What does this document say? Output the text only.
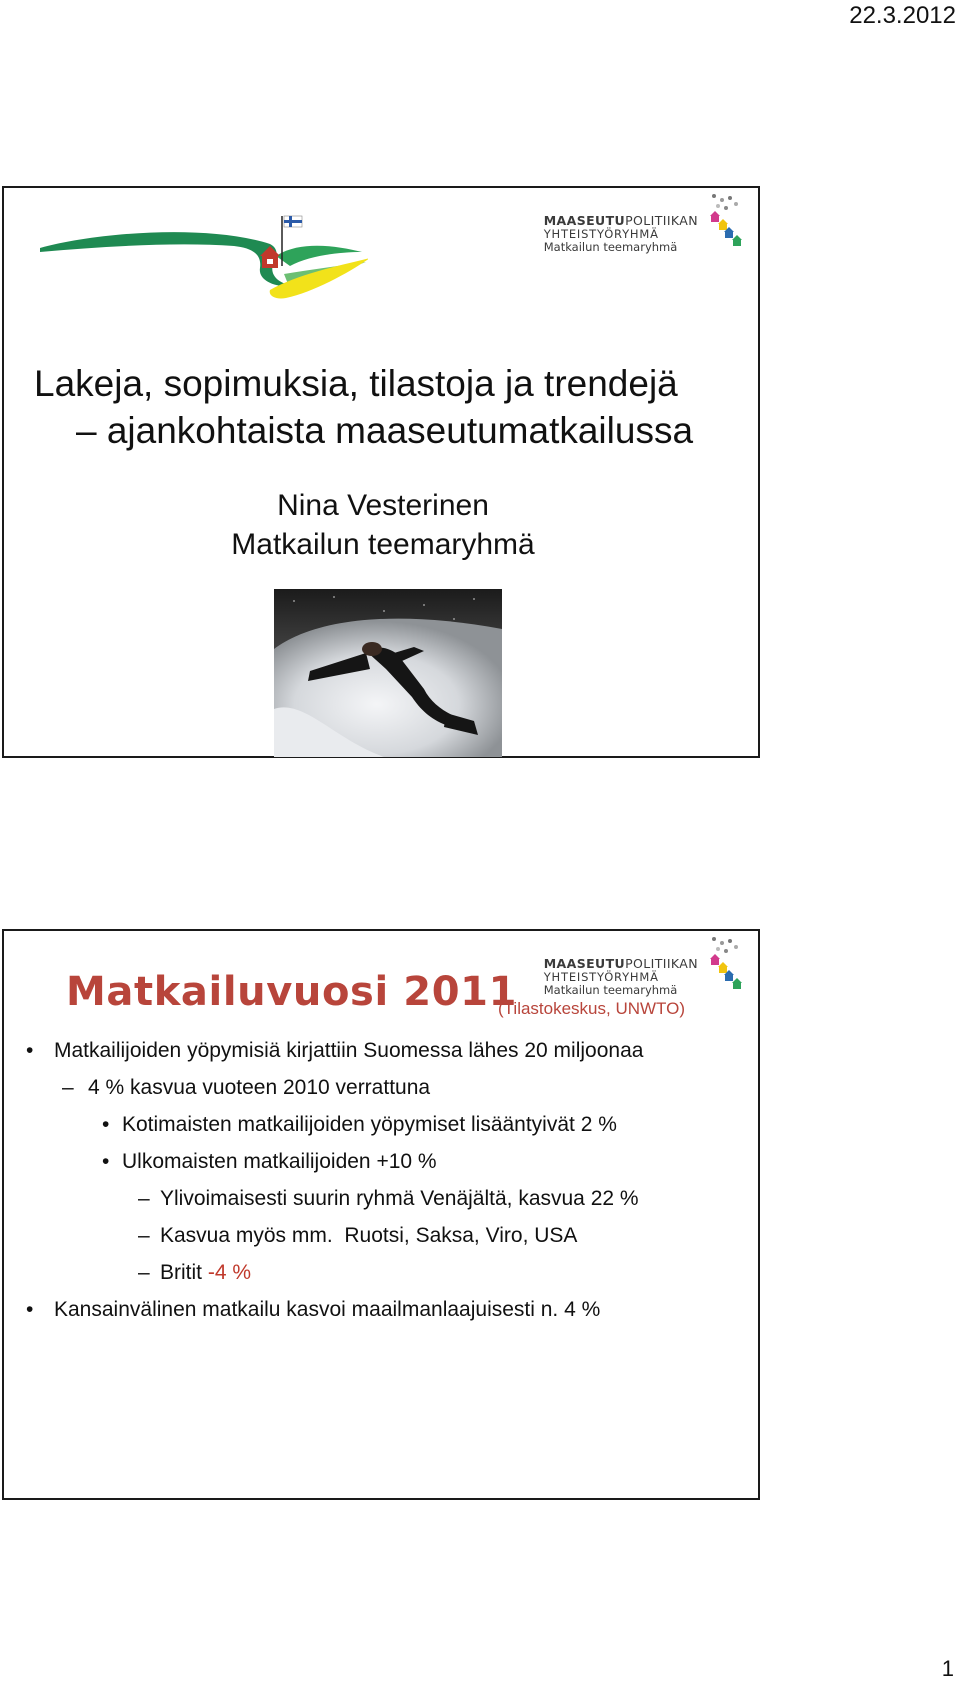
22.3.2012
MAASEUTUPOLITIIKAN
YHTEISTYÖRYHMÄ
Matkailun teemaryhmä
Lakeja, sopimuksia, tilastoja ja trendejä
– ajankohtaista maaseutumatkailussa
Nina Vesterinen
Matkailun teemaryhmä
MAASEUTUPOLITIIKAN
YHTEISTYÖRYHMÄ
Matkailun teemaryhmä
Matkailuvuosi 2011
(Tilastokeskus, UNWTO)
• Matkailijoiden yöpymisiä kirjattiin Suomessa lähes 20 miljoonaa
– 4 % kasvua vuoteen 2010 verrattuna
• Kotimaisten matkailijoiden yöpymiset lisääntyivät 2 %
• Ulkomaisten matkailijoiden +10 %
– Ylivoimaisesti suurin ryhmä Venäjältä, kasvua 22 %
– Kasvua myös mm.  Ruotsi, Saksa, Viro, USA
– Britit -4 %
• Kansainvälinen matkailu kasvoi maailmanlaajuisesti n. 4 %
1
